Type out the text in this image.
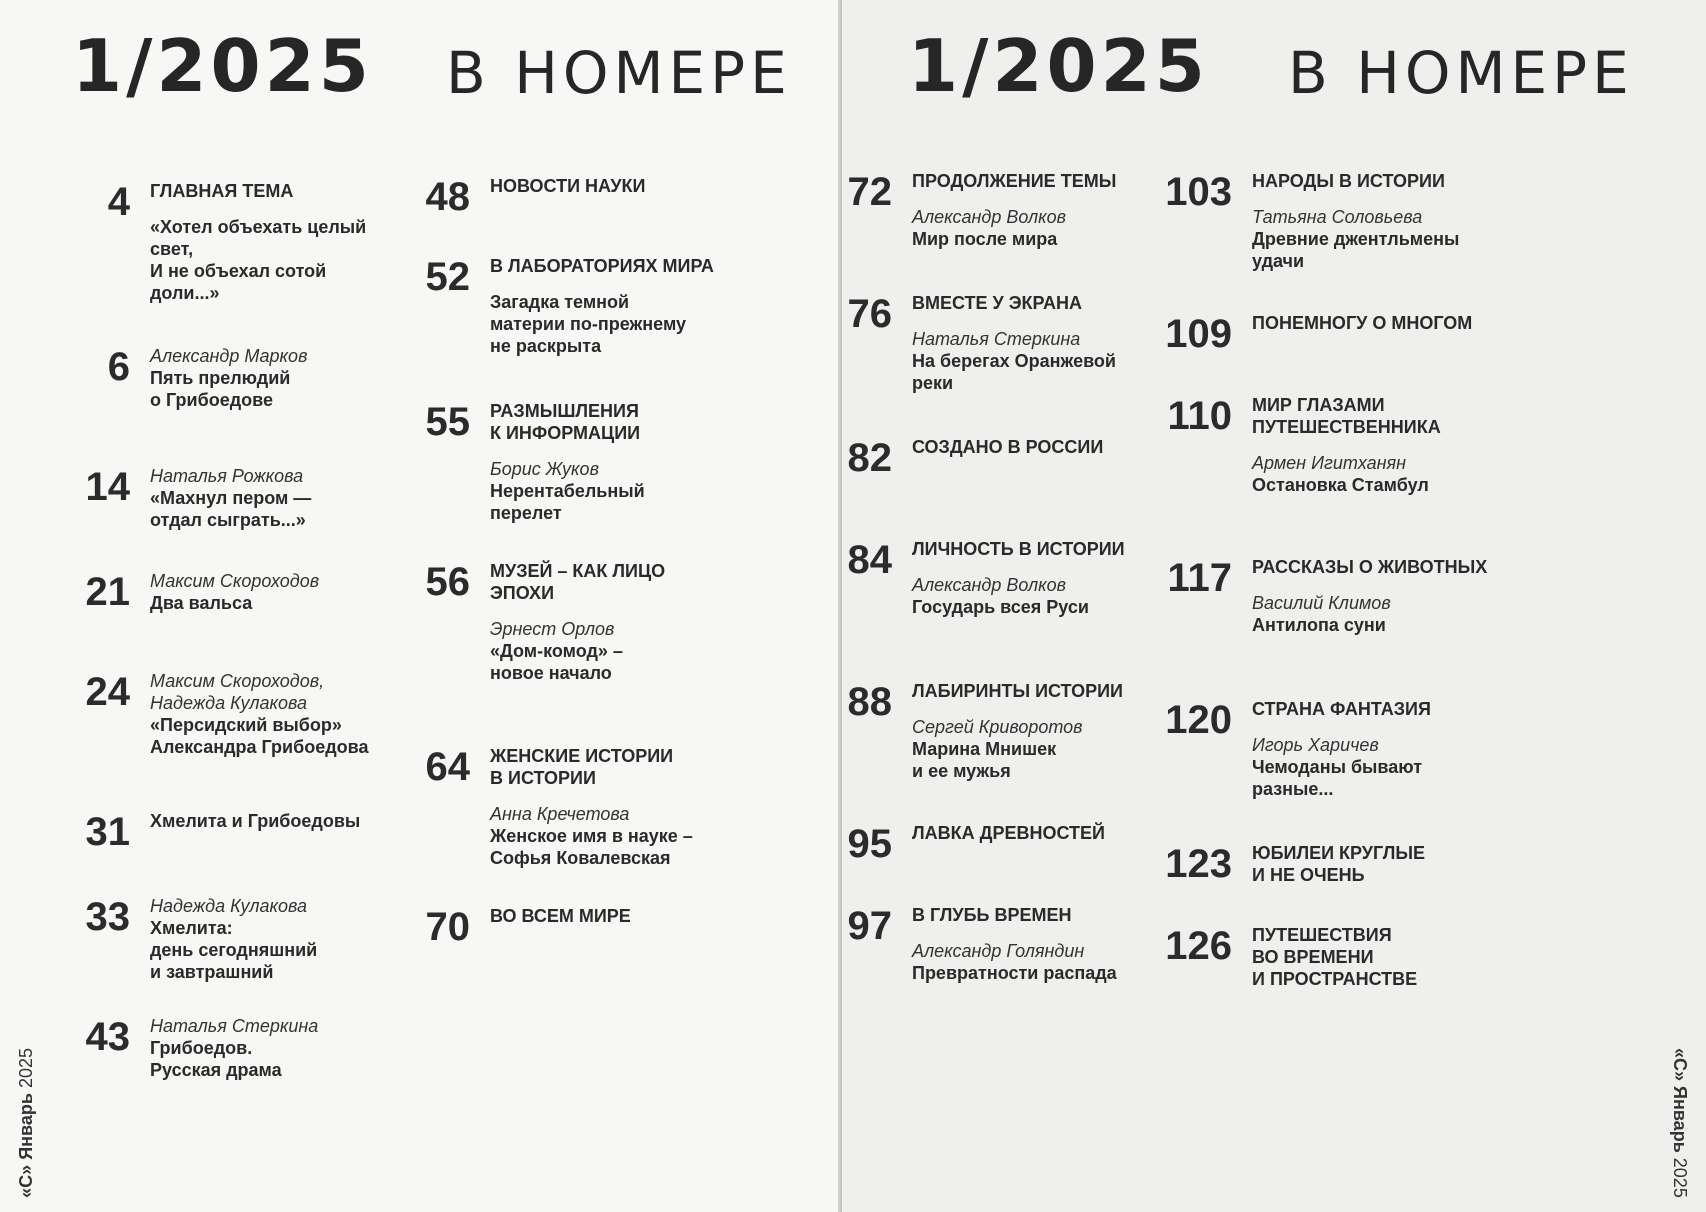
1/2025 В НОМЕРЕ
«С» Январь 2025
4 ГЛАВНАЯ ТЕМА
«Хотел объехать целый
свет,
И не объехал сотой
доли...»
6 Александр Марков
Пять прелюдий
о Грибоедове
14 Наталья Рожкова
«Махнул пером —
отдал сыграть...»
21 Максим Скороходов
Два вальса
24 Максим Скороходов,
Надежда Кулакова
«Персидский выбор»
Александра Грибоедова
31 Хмелита и Грибоедовы
33 Надежда Кулакова
Хмелита:
день сегодняшний
и завтрашний
43 Наталья Стеркина
Грибоедов.
Русская драма
48 НОВОСТИ НАУКИ
52 В ЛАБОРАТОРИЯХ МИРА
Загадка темной
материи по-прежнему
не раскрыта
55 РАЗМЫШЛЕНИЯ
К ИНФОРМАЦИИ
Борис Жуков
Нерентабельный
перелет
56 МУЗЕЙ – КАК ЛИЦО
ЭПОХИ
Эрнест Орлов
«Дом-комод» –
новое начало
64 ЖЕНСКИЕ ИСТОРИИ
В ИСТОРИИ
Анна Кречетова
Женское имя в науке –
Софья Ковалевская
70 ВО ВСЕМ МИРЕ
1/2025 В НОМЕРЕ
«С» Январь 2025
72 ПРОДОЛЖЕНИЕ ТЕМЫ
Александр Волков
Мир после мира
76 ВМЕСТЕ У ЭКРАНА
Наталья Стеркина
На берегах Оранжевой
реки
82 СОЗДАНО В РОССИИ
84 ЛИЧНОСТЬ В ИСТОРИИ
Александр Волков
Государь всея Руси
88 ЛАБИРИНТЫ ИСТОРИИ
Сергей Криворотов
Марина Мнишек
и ее мужья
95 ЛАВКА ДРЕВНОСТЕЙ
97 В ГЛУБЬ ВРЕМЕН
Александр Голяндин
Превратности распада
103 НАРОДЫ В ИСТОРИИ
Татьяна Соловьева
Древние джентльмены
удачи
109 ПОНЕМНОГУ О МНОГОМ
110 МИР ГЛАЗАМИ
ПУТЕШЕСТВЕННИКА
Армен Игитханян
Остановка Стамбул
117 РАССКАЗЫ О ЖИВОТНЫХ
Василий Климов
Антилопа суни
120 СТРАНА ФАНТАЗИЯ
Игорь Харичев
Чемоданы бывают
разные...
123 ЮБИЛЕИ КРУГЛЫЕ
И НЕ ОЧЕНЬ
126 ПУТЕШЕСТВИЯ
ВО ВРЕМЕНИ
И ПРОСТРАНСТВЕ
